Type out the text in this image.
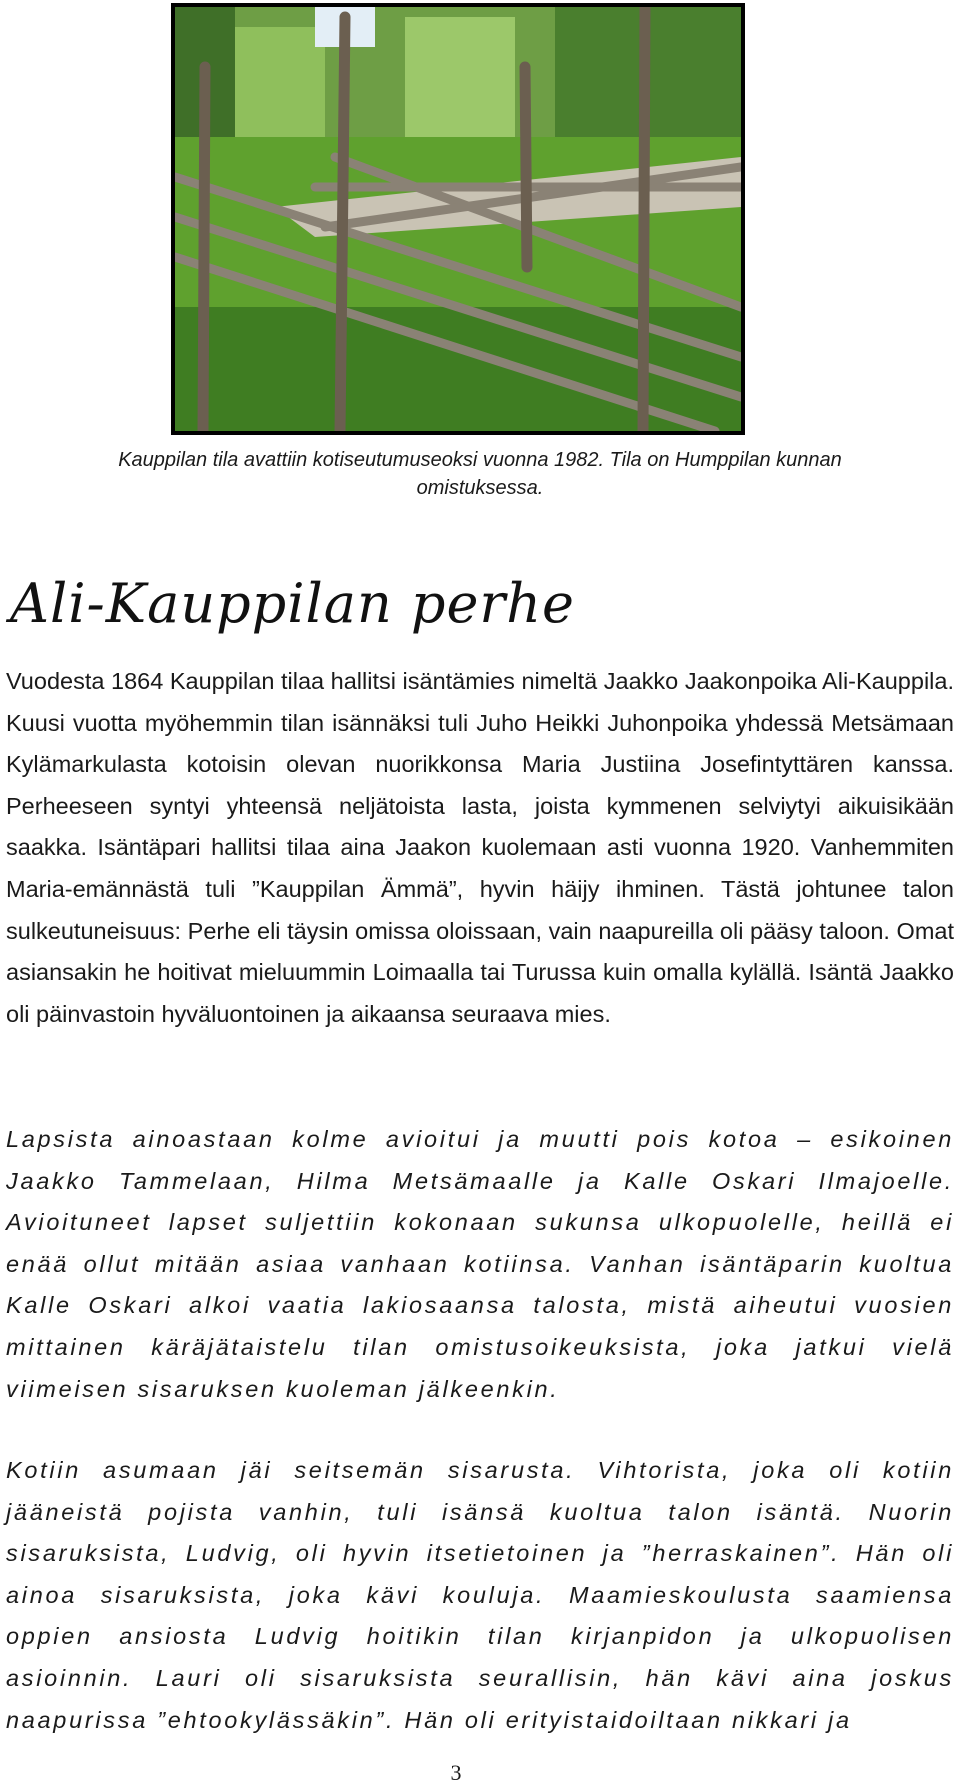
Kauppilan tila avattiin kotiseutumuseoksi vuonna 1982. Tila on Humppilan kunnan omistuksessa.
Ali-Kauppilan perhe

Vuodesta 1864 Kauppilan tilaa hallitsi isäntämies nimeltä Jaakko Jaakonpoika Ali-Kauppila. Kuusi vuotta myöhemmin tilan isännäksi tuli Juho Heikki Juhonpoika yhdessä Metsämaan Kylämarkulasta kotoisin olevan nuorikkonsa Maria Justiina Josefintyttären kanssa. Perheeseen syntyi yhteensä neljätoista lasta, joista kymmenen selviytyi aikuisikään saakka. Isäntäpari hallitsi tilaa aina Jaakon kuolemaan asti vuonna 1920. Vanhemmiten Maria-emännästä tuli ”Kauppilan Ämmä”, hyvin häijy ihminen. Tästä johtunee talon sulkeutuneisuus: Perhe eli täysin omissa oloissaan, vain naapureilla oli pääsy taloon. Omat asiansakin he hoitivat mieluummin Loimaalla tai Turussa kuin omalla kylällä. Isäntä Jaakko oli päinvastoin hyväluontoinen ja aikaansa seuraava mies.

Lapsista ainoastaan kolme avioitui ja muutti pois kotoa – esikoinen Jaakko Tammelaan, Hilma Metsämaalle ja Kalle Oskari Ilmajoelle. Avioituneet lapset suljettiin kokonaan sukunsa ulkopuolelle, heillä ei enää ollut mitään asiaa vanhaan kotiinsa. Vanhan isäntäparin kuoltua Kalle Oskari alkoi vaatia lakiosaansa talosta, mistä aiheutui vuosien mittainen käräjätaistelu tilan omistusoikeuksista, joka jatkui vielä viimeisen sisaruksen kuoleman jälkeenkin.

Kotiin asumaan jäi seitsemän sisarusta. Vihtorista, joka oli kotiin jääneistä pojista vanhin, tuli isänsä kuoltua talon isäntä. Nuorin sisaruksista, Ludvig, oli hyvin itsetietoinen ja ”herraskainen”. Hän oli ainoa sisaruksista, joka kävi kouluja. Maamieskoulusta saamiensa oppien ansiosta Ludvig hoitikin tilan kirjanpidon ja ulkopuolisen asioinnin. Lauri oli sisaruksista seurallisin, hän kävi aina joskus naapurissa ”ehtookylässäkin”. Hän oli erityistaidoiltaan nikkari ja

3
